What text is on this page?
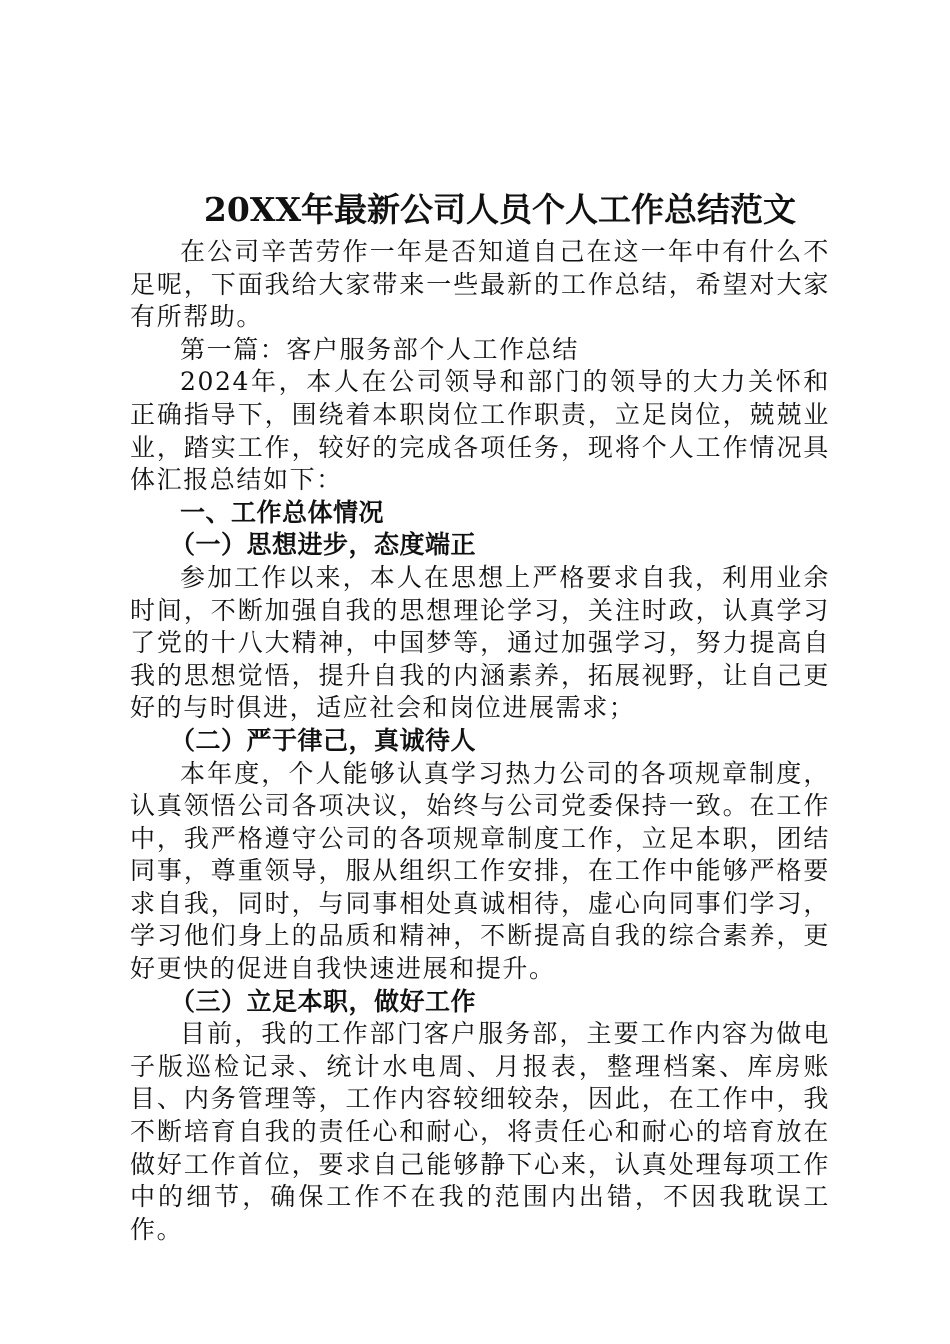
20XX年最新公司人员个人工作总结范文

在公司辛苦劳作一年是否知道自己在这一年中有什么不足呢，下面我给大家带来一些最新的工作总结，希望对大家有所帮助。

第一篇：客户服务部个人工作总结

2024年，本人在公司领导和部门的领导的大力关怀和正确指导下，围绕着本职岗位工作职责，立足岗位，兢兢业业，踏实工作，较好的完成各项任务，现将个人工作情况具体汇报总结如下：

一、工作总体情况

（一）思想进步，态度端正

参加工作以来，本人在思想上严格要求自我，利用业余时间，不断加强自我的思想理论学习，关注时政，认真学习了党的十八大精神，中国梦等，通过加强学习，努力提高自我的思想觉悟，提升自我的内涵素养，拓展视野，让自己更好的与时俱进，适应社会和岗位进展需求；

（二）严于律己，真诚待人

本年度，个人能够认真学习热力公司的各项规章制度，认真领悟公司各项决议，始终与公司党委保持一致。在工作中，我严格遵守公司的各项规章制度工作，立足本职，团结同事，尊重领导，服从组织工作安排，在工作中能够严格要求自我，同时，与同事相处真诚相待，虚心向同事们学习，学习他们身上的品质和精神，不断提高自我的综合素养，更好更快的促进自我快速进展和提升。

（三）立足本职，做好工作

目前，我的工作部门客户服务部，主要工作内容为做电子版巡检记录、统计水电周、月报表，整理档案、库房账目、内务管理等，工作内容较细较杂，因此，在工作中，我不断培育自我的责任心和耐心，将责任心和耐心的培育放在做好工作首位，要求自己能够静下心来，认真处理每项工作中的细节，确保工作不在我的范围内出错，不因我耽误工作。
